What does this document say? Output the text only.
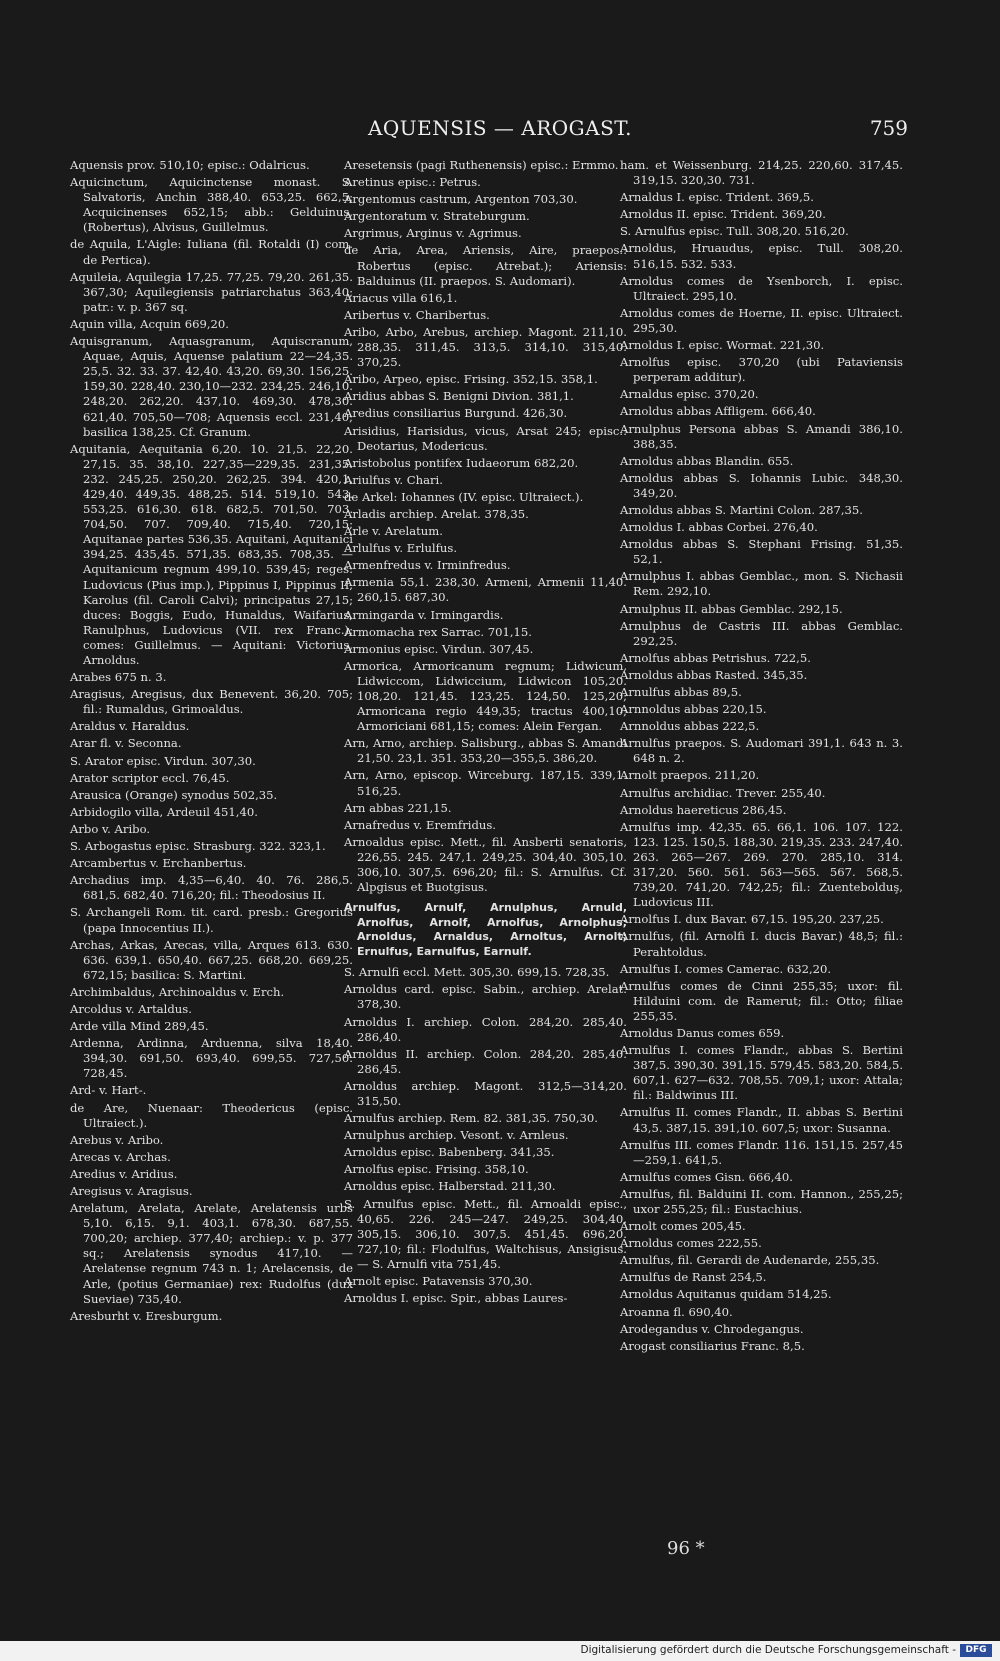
AQUENSIS — AROGAST.	759
Aquensis prov. 510,10; episc.: Odalricus.
Aquicinctum, Aquicinctense monast. S. Salvatoris, Anchin 388,40. 653,25. 662,5; Acquicinenses 652,15; abb.: Gelduinus, (Robertus), Alvisus, Guillelmus.
de Aquila, L'Aigle: Iuliana (fil. Rotaldi (I) com. de Pertica).
Aquileia, Aquilegia 17,25. 77,25. 79,20. 261,35. 367,30; Aquilegiensis patriarchatus 363,40; patr.: v. p. 367 sq.
Aquin villa, Acquin 669,20.
Aquisgranum, Aquasgranum, Aquiscranum, Aquae, Aquis, Aquense palatium 22—24,35. 25,5. 32. 33. 37. 42,40. 43,20. 69,30. 156,25. 159,30. 228,40. 230,10—232. 234,25. 246,10. 248,20. 262,20. 437,10. 469,30. 478,30. 621,40. 705,50—708; Aquensis eccl. 231,40; basilica 138,25. Cf. Granum.
Aquitania, Aequitania 6,20. 10. 21,5. 22,20. 27,15. 35. 38,10. 227,35—229,35. 231,35. 232. 245,25. 250,20. 262,25. 394. 420,1. 429,40. 449,35. 488,25. 514. 519,10. 543. 553,25. 616,30. 618. 682,5. 701,50. 703. 704,50. 707. 709,40. 715,40. 720,15; Aquitanae partes 536,35. Aquitani, Aquitanici 394,25. 435,45. 571,35. 683,35. 708,35. — Aquitanicum regnum 499,10. 539,45; reges: Ludovicus (Pius imp.), Pippinus I, Pippinus II, Karolus (fil. Caroli Calvi); principatus 27,15; duces: Boggis, Eudo, Hunaldus, Waifarius, Ranulphus, Ludovicus (VII. rex Franc.); comes: Guillelmus. — Aquitani: Victorius, Arnoldus.
Arabes 675 n. 3.
Aragisus, Aregisus, dux Benevent. 36,20. 705; fil.: Rumaldus, Grimoaldus.
Araldus v. Haraldus.
Arar fl. v. Seconna.
S. Arator episc. Virdun. 307,30.
Arator scriptor eccl. 76,45.
Arausica (Orange) synodus 502,35.
Arbidogilo villa, Ardeuil 451,40.
Arbo v. Aribo.
S. Arbogastus episc. Strasburg. 322. 323,1.
Arcambertus v. Erchanbertus.
Archadius imp. 4,35—6,40. 40. 76. 286,5. 681,5. 682,40. 716,20; fil.: Theodosius II.
S. Archangeli Rom. tit. card. presb.: Gregorius (papa Innocentius II.).
Archas, Arkas, Arecas, villa, Arques 613. 630. 636. 639,1. 650,40. 667,25. 668,20. 669,25. 672,15; basilica: S. Martini.
Archimbaldus, Archinoaldus v. Erch.
Arcoldus v. Artaldus.
Arde villa Mind 289,45.
Ardenna, Ardinna, Arduenna, silva 18,40. 394,30. 691,50. 693,40. 699,55. 727,50. 728,45.
Ard- v. Hart-.
de Are, Nuenaar: Theodericus (episc. Ultraiect.).
Arebus v. Aribo.
Arecas v. Archas.
Aredius v. Aridius.
Aregisus v. Aragisus.
Arelatum, Arelata, Arelate, Arelatensis urbs 5,10. 6,15. 9,1. 403,1. 678,30. 687,55. 700,20; archiep. 377,40; archiep.: v. p. 377 sq.; Arelatensis synodus 417,10. — Arelatense regnum 743 n. 1; Arelacensis, de Arle, (potius Germaniae) rex: Rudolfus (dux Sueviae) 735,40.
Aresburht v. Eresburgum.
Aresetensis (pagi Ruthenensis) episc.: Ermmo.
Aretinus episc.: Petrus.
Argentomus castrum, Argenton 703,30.
Argentoratum v. Strateburgum.
Argrimus, Arginus v. Agrimus.
de Aria, Area, Ariensis, Aire, praepos.: Robertus (episc. Atrebat.); Ariensis: Balduinus (II. praepos. S. Audomari).
Ariacus villa 616,1.
Aribertus v. Charibertus.
Aribo, Arbo, Arebus, archiep. Magont. 211,10. 288,35. 311,45. 313,5. 314,10. 315,40. 370,25.
Aribo, Arpeo, episc. Frising. 352,15. 358,1.
Aridius abbas S. Benigni Divion. 381,1.
Aredius consiliarius Burgund. 426,30.
Arisidius, Harisidus, vicus, Arsat 245; episc.: Deotarius, Modericus.
Aristobolus pontifex Iudaeorum 682,20.
Ariulfus v. Chari.
de Arkel: Iohannes (IV. episc. Ultraiect.).
Arladis archiep. Arelat. 378,35.
Arle v. Arelatum.
Arlulfus v. Erlulfus.
Armenfredus v. Irminfredus.
Armenia 55,1. 238,30. Armeni, Armenii 11,40. 260,15. 687,30.
Armingarda v. Irmingardis.
Armomacha rex Sarrac. 701,15.
Armonius episc. Virdun. 307,45.
Armorica, Armoricanum regnum; Lidwicum, Lidwiccom, Lidwiccium, Lidwicon 105,20. 108,20. 121,45. 123,25. 124,50. 125,20; Armoricana regio 449,35; tractus 400,10; Armoriciani 681,15; comes: Alein Fergan.
Arn, Arno, archiep. Salisburg., abbas S. Amandi 21,50. 23,1. 351. 353,20—355,5. 386,20.
Arn, Arno, episcop. Wirceburg. 187,15. 339,1. 516,25.
Arn abbas 221,15.
Arnafredus v. Eremfridus.
Arnoaldus episc. Mett., fil. Ansberti senatoris, 226,55. 245. 247,1. 249,25. 304,40. 305,10. 306,10. 307,5. 696,20; fil.: S. Arnulfus. Cf. Alpgisus et Buotgisus.
Arnulfus, Arnulf, Arnulphus, Arnuld, Arnolfus, Arnolf, Arnolfus, Arnolphus; Arnoldus, Arnaldus, Arnoltus, Arnolt; Ernulfus, Earnulfus, Earnulf.
S. Arnulfi eccl. Mett. 305,30. 699,15. 728,35.
Arnoldus card. episc. Sabin., archiep. Arelat. 378,30.
Arnoldus I. archiep. Colon. 284,20. 285,40. 286,40.
Arnoldus II. archiep. Colon. 284,20. 285,40. 286,45.
Arnoldus archiep. Magont. 312,5—314,20. 315,50.
Arnulfus archiep. Rem. 82. 381,35. 750,30.
Arnulphus archiep. Vesont. v. Arnleus.
Arnoldus episc. Babenberg. 341,35.
Arnolfus episc. Frising. 358,10.
Arnoldus episc. Halberstad. 211,30.
S. Arnulfus episc. Mett., fil. Arnoaldi episc., 40,65. 226. 245—247. 249,25. 304,40. 305,15. 306,10. 307,5. 451,45. 696,20. 727,10; fil.: Flodulfus, Waltchisus, Ansigisus. — S. Arnulfi vita 751,45.
Arnolt episc. Patavensis 370,30.
Arnoldus I. episc. Spir., abbas Laures-
ham. et Weissenburg. 214,25. 220,60. 317,45. 319,15. 320,30. 731.
Arnaldus I. episc. Trident. 369,5.
Arnoldus II. episc. Trident. 369,20.
S. Arnulfus episc. Tull. 308,20. 516,20.
Arnoldus, Hruaudus, episc. Tull. 308,20. 516,15. 532. 533.
Arnoldus comes de Ysenborch, I. episc. Ultraiect. 295,10.
Arnoldus comes de Hoerne, II. episc. Ultraiect. 295,30.
Arnoldus I. episc. Wormat. 221,30.
Arnolfus episc. 370,20 (ubi Pataviensis perperam additur).
Arnaldus episc. 370,20.
Arnoldus abbas Affligem. 666,40.
Arnulphus Persona abbas S. Amandi 386,10. 388,35.
Arnoldus abbas Blandin. 655.
Arnoldus abbas S. Iohannis Lubic. 348,30. 349,20.
Arnoldus abbas S. Martini Colon. 287,35.
Arnoldus I. abbas Corbei. 276,40.
Arnoldus abbas S. Stephani Frising. 51,35. 52,1.
Arnulphus I. abbas Gemblac., mon. S. Nichasii Rem. 292,10.
Arnulphus II. abbas Gemblac. 292,15.
Arnulphus de Castris III. abbas Gemblac. 292,25.
Arnolfus abbas Petrishus. 722,5.
Arnoldus abbas Rasted. 345,35.
Arnulfus abbas 89,5.
Arnnoldus abbas 220,15.
Arnnoldus abbas 222,5.
Arnulfus praepos. S. Audomari 391,1. 643 n. 3. 648 n. 2.
Arnolt praepos. 211,20.
Arnulfus archidiac. Trever. 255,40.
Arnoldus haereticus 286,45.
Arnulfus imp. 42,35. 65. 66,1. 106. 107. 122. 123. 125. 150,5. 188,30. 219,35. 233. 247,40. 263. 265—267. 269. 270. 285,10. 314. 317,20. 560. 561. 563—565. 567. 568,5. 739,20. 741,20. 742,25; fil.: Zuentebolduş, Ludovicus III.
Arnolfus I. dux Bavar. 67,15. 195,20. 237,25.
Arnulfus, (fil. Arnolfi I. ducis Bavar.) 48,5; fil.: Perahtoldus.
Arnulfus I. comes Camerac. 632,20.
Arnulfus comes de Cinni 255,35; uxor: fil. Hilduini com. de Ramerut; fil.: Otto; filiae 255,35.
Arnoldus Danus comes 659.
Arnulfus I. comes Flandr., abbas S. Bertini 387,5. 390,30. 391,15. 579,45. 583,20. 584,5. 607,1. 627—632. 708,55. 709,1; uxor: Attala; fil.: Baldwinus III.
Arnulfus II. comes Flandr., II. abbas S. Bertini 43,5. 387,15. 391,10. 607,5; uxor: Susanna.
Arnulfus III. comes Flandr. 116. 151,15. 257,45—259,1. 641,5.
Arnulfus comes Gisn. 666,40.
Arnulfus, fil. Balduini II. com. Hannon., 255,25; uxor 255,25; fil.: Eustachius.
Arnolt comes 205,45.
Arnoldus comes 222,55.
Arnulfus, fil. Gerardi de Audenarde, 255,35.
Arnulfus de Ranst 254,5.
Arnoldus Aquitanus quidam 514,25.
Aroanna fl. 690,40.
Arodegandus v. Chrodegangus.
Arogast consiliarius Franc. 8,5.
96 *
Digitalisierung gefördert durch die Deutsche Forschungsgemeinschaft -	DFG
